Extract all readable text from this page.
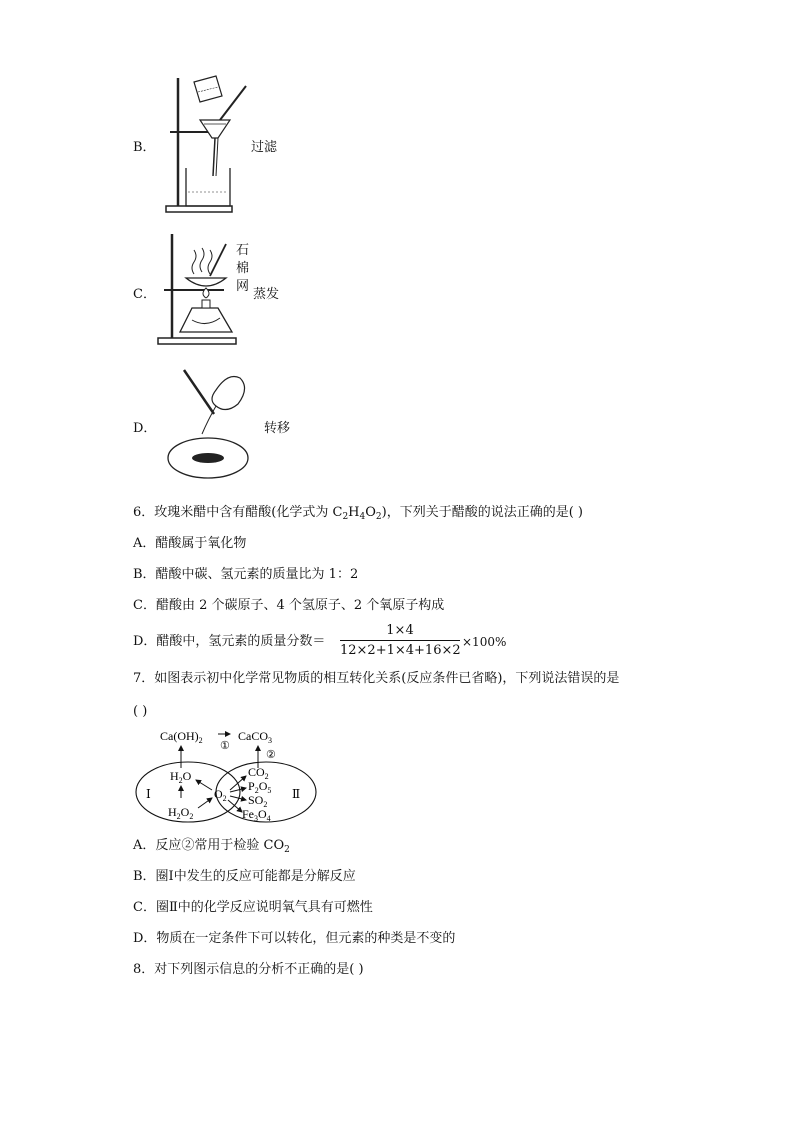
B．	过滤
C．
石
棉
网
蒸发
D．	转移
6．玫瑰米醋中含有醋酸(化学式为 $C_2H_4O_2$)，下列关于醋酸的说法正确的是( )
A．醋酸属于氧化物
B．醋酸中碳、氢元素的质量比为 1：2
C．醋酸由 2 个碳原子、4 个氢原子、2 个氧原子构成
D．醋酸中，氢元素的质量分数＝ $\frac{1\times 4}{12\times 2+1\times 4+16\times 2} \times 100\%$
7．如图表示初中化学常见物质的相互转化关系(反应条件已省略)，下列说法错误的是
( )
$Ca(OH)_2$ ①
CaCO$_3$
②
$H_2O$
$H_2O_2$
Ⅰ	$O_2$
$CO_2$
$P_2O_5$
$SO_2$
$Fe_3O_4$
Ⅱ
A．反应②常用于检验 $CO_2$
B．圈Ⅰ中发生的反应可能都是分解反应
C．圈Ⅱ中的化学反应说明氧气具有可燃性
D．物质在一定条件下可以转化，但元素的种类是不变的
8．对下列图示信息的分析不正确的是( )
